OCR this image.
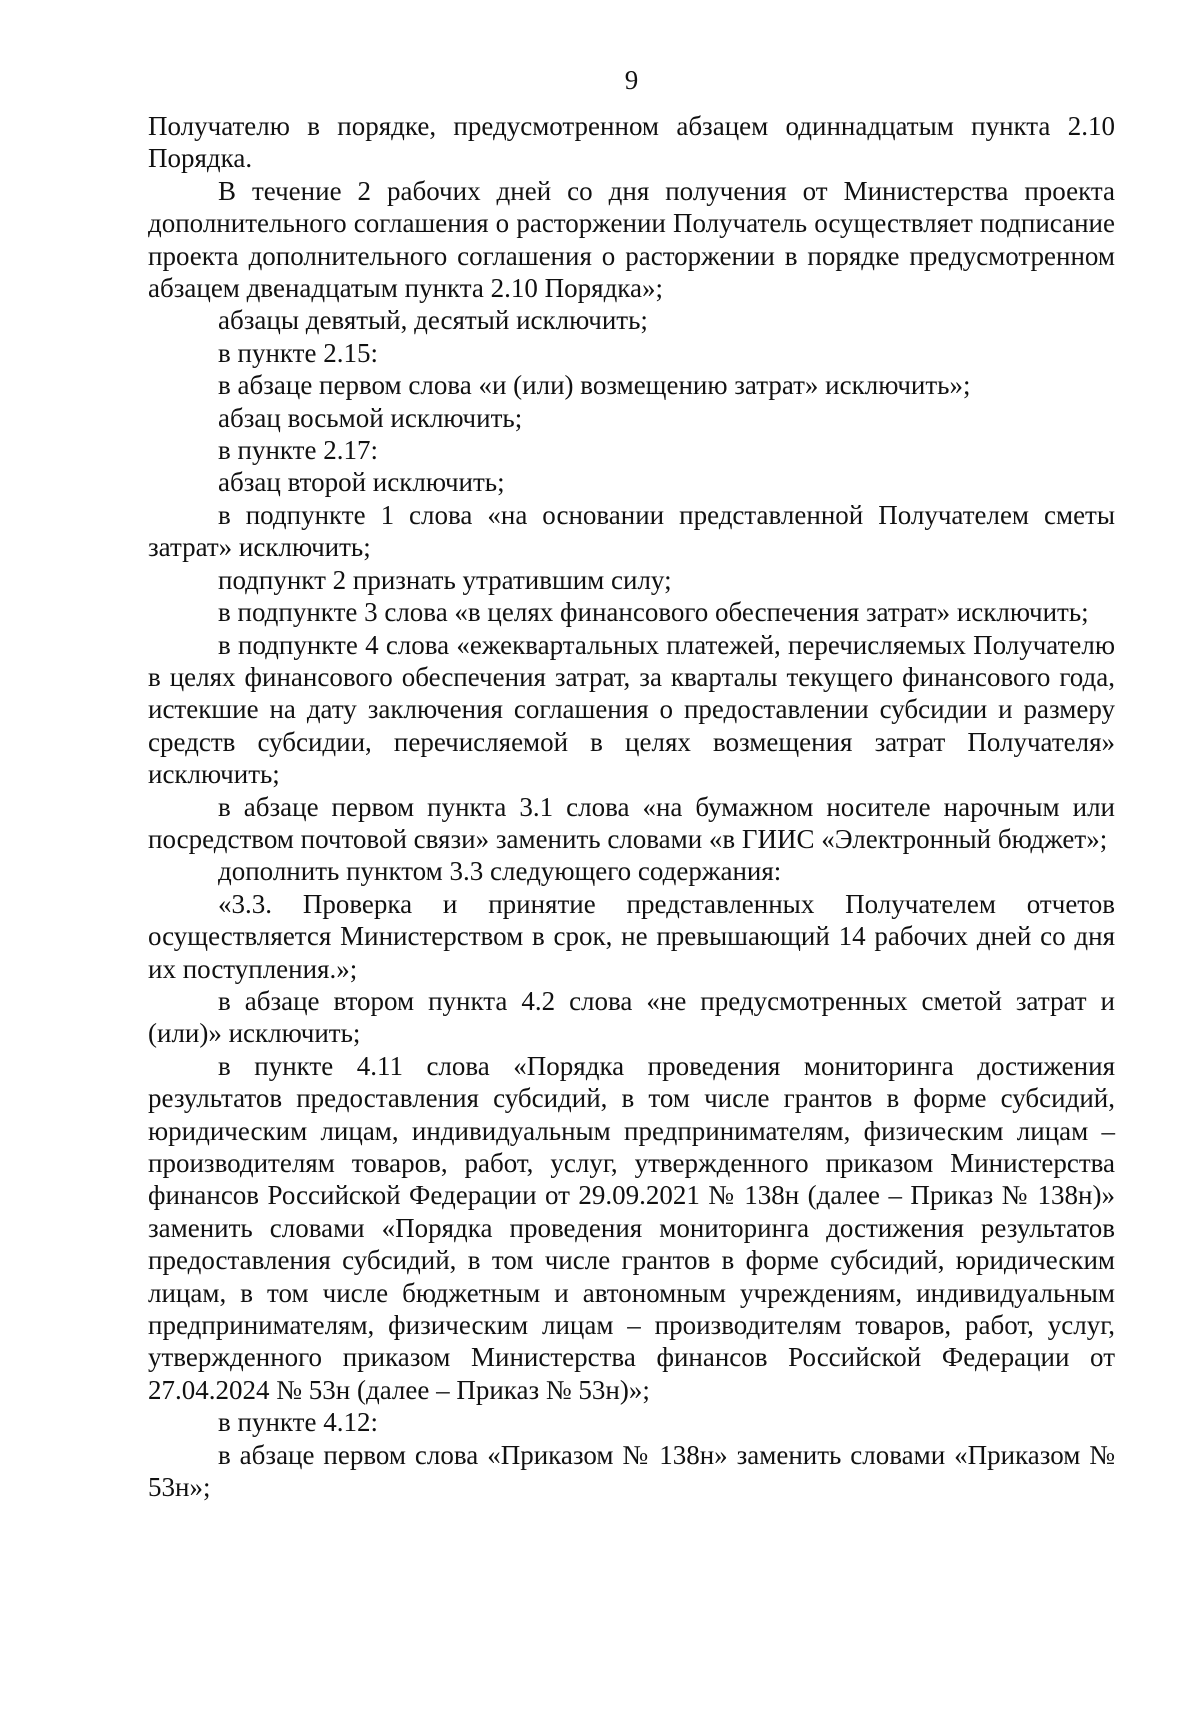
9

Получателю в порядке, предусмотренном абзацем одиннадцатым пункта 2.10 Порядка.

В течение 2 рабочих дней со дня получения от Министерства проекта дополнительного соглашения о расторжении Получатель осуществляет подписание проекта дополнительного соглашения о расторжении в порядке предусмотренном абзацем двенадцатым пункта 2.10 Порядка»;

абзацы девятый, десятый исключить;

в пункте 2.15:

в абзаце первом слова «и (или) возмещению затрат» исключить»;

абзац восьмой исключить;

в пункте 2.17:

абзац второй исключить;

в подпункте 1 слова «на основании представленной Получателем сметы затрат» исключить;

подпункт 2 признать утратившим силу;

в подпункте 3 слова «в целях финансового обеспечения затрат» исключить;

в подпункте 4 слова «ежеквартальных платежей, перечисляемых Получателю в целях финансового обеспечения затрат, за кварталы текущего финансового года, истекшие на дату заключения соглашения о предоставлении субсидии и размеру средств субсидии, перечисляемой в целях возмещения затрат Получателя» исключить;

в абзаце первом пункта 3.1 слова «на бумажном носителе нарочным или посредством почтовой связи» заменить словами «в ГИИС «Электронный бюджет»;

дополнить пунктом 3.3 следующего содержания:

«3.3. Проверка и принятие представленных Получателем отчетов осуществляется Министерством в срок, не превышающий 14 рабочих дней со дня их поступления.»;

в абзаце втором пункта 4.2 слова «не предусмотренных сметой затрат и (или)» исключить;

в пункте 4.11 слова «Порядка проведения мониторинга достижения результатов предоставления субсидий, в том числе грантов в форме субсидий, юридическим лицам, индивидуальным предпринимателям, физическим лицам – производителям товаров, работ, услуг, утвержденного приказом Министерства финансов Российской Федерации от 29.09.2021 № 138н (далее – Приказ № 138н)» заменить словами «Порядка проведения мониторинга достижения результатов предоставления субсидий, в том числе грантов в форме субсидий, юридическим лицам, в том числе бюджетным и автономным учреждениям, индивидуальным предпринимателям, физическим лицам – производителям товаров, работ, услуг, утвержденного приказом Министерства финансов Российской Федерации от 27.04.2024 № 53н (далее – Приказ № 53н)»;

в пункте 4.12:

в абзаце первом слова «Приказом № 138н» заменить словами «Приказом № 53н»;
